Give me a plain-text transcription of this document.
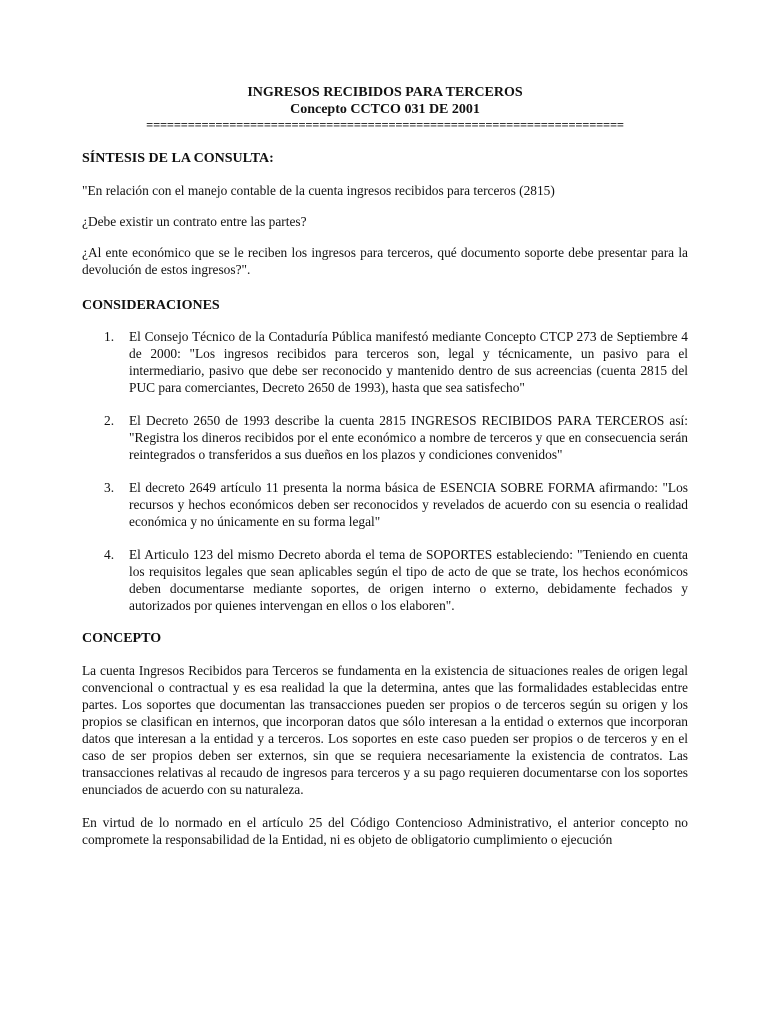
INGRESOS RECIBIDOS PARA TERCEROS
Concepto CCTCO 031 DE 2001
=====================================================================
SÍNTESIS DE LA CONSULTA:
"En relación con el manejo contable de la cuenta ingresos recibidos para terceros (2815)
¿Debe existir un contrato entre las partes?
¿Al ente económico que se le reciben los ingresos para terceros, qué documento soporte debe presentar para la devolución de estos ingresos?".
CONSIDERACIONES
1. El Consejo Técnico de la Contaduría Pública manifestó mediante Concepto CTCP 273 de Septiembre 4 de 2000: "Los ingresos recibidos para terceros son, legal y técnicamente, un pasivo para el intermediario, pasivo que debe ser reconocido y mantenido dentro de sus acreencias (cuenta 2815 del PUC para comerciantes, Decreto 2650 de 1993), hasta que sea satisfecho"
2. El Decreto 2650 de 1993 describe la cuenta 2815 INGRESOS RECIBIDOS PARA TERCEROS así: "Registra los dineros recibidos por el ente económico a nombre de terceros y que en consecuencia serán reintegrados o transferidos a sus dueños en los plazos y condiciones convenidos"
3. El decreto 2649 artículo 11 presenta la norma básica de ESENCIA SOBRE FORMA afirmando: "Los recursos y hechos económicos deben ser reconocidos y revelados de acuerdo con su esencia o realidad económica y no únicamente en su forma legal"
4. El Articulo 123 del mismo Decreto aborda el tema de SOPORTES estableciendo: "Teniendo en cuenta los requisitos legales que sean aplicables según el tipo de acto de que se trate, los hechos económicos deben documentarse mediante soportes, de origen interno o externo, debidamente fechados y autorizados por quienes intervengan en ellos o los elaboren".
CONCEPTO
La cuenta Ingresos Recibidos para Terceros se fundamenta en la existencia de situaciones reales de origen legal convencional o contractual y es esa realidad la que la determina, antes que las formalidades establecidas entre partes. Los soportes que documentan las transacciones pueden ser propios o de terceros según su origen y los propios se clasifican en internos, que incorporan datos que sólo interesan a la entidad o externos que incorporan datos que interesan a la entidad y a terceros. Los soportes en este caso pueden ser propios o de terceros y en el caso de ser propios deben ser externos, sin que se requiera necesariamente la existencia de contratos. Las transacciones relativas al recaudo de ingresos para terceros y a su pago requieren documentarse con los soportes enunciados de acuerdo con su naturaleza.
En virtud de lo normado en el artículo 25 del Código Contencioso Administrativo, el anterior concepto no compromete la responsabilidad de la Entidad, ni es objeto de obligatorio cumplimiento o ejecución
